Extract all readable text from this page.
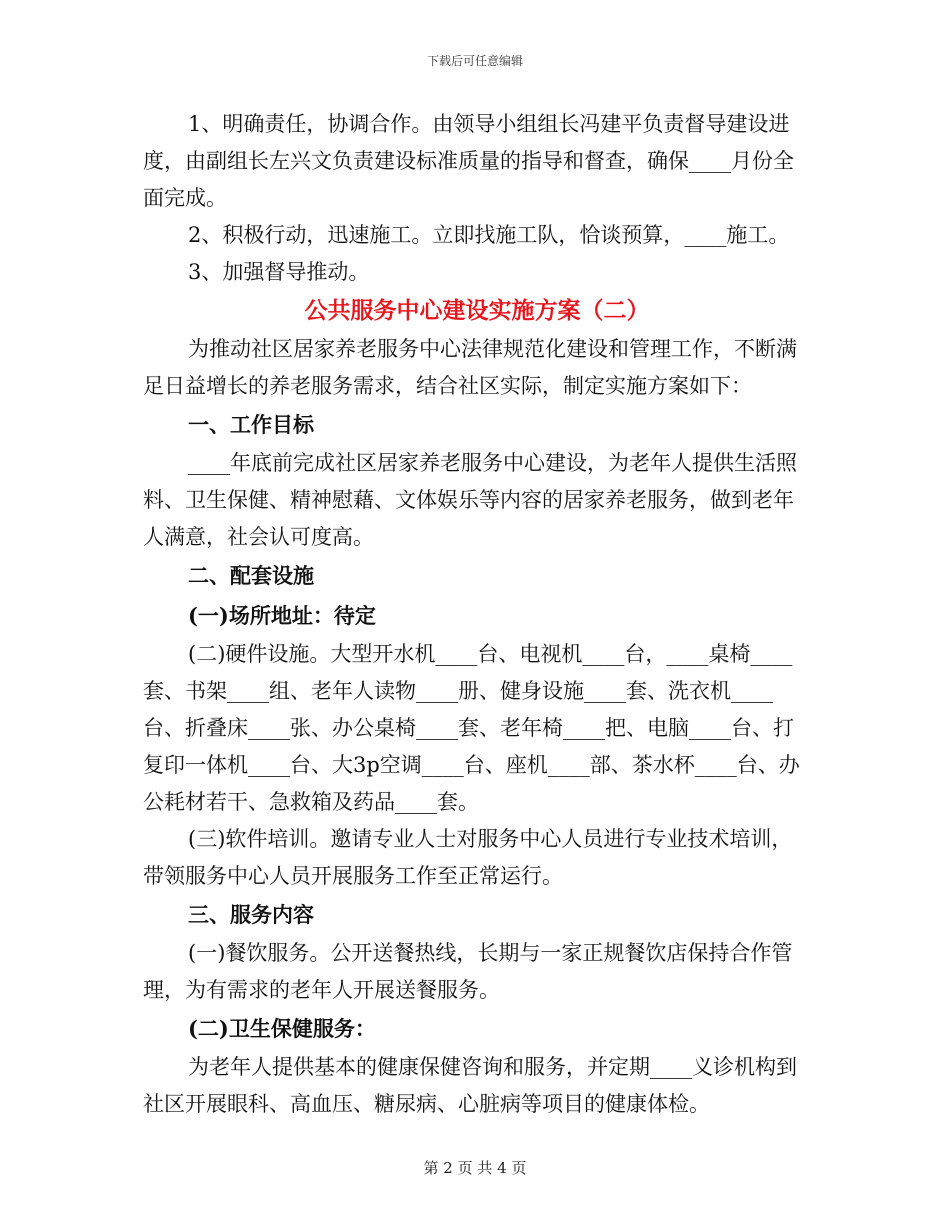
下载后可任意编辑

1、明确责任，协调合作。由领导小组组长冯建平负责督导建设进度，由副组长左兴文负责建设标准质量的指导和督查，确保____月份全面完成。

2、积极行动，迅速施工。立即找施工队，恰谈预算，____施工。

3、加强督导推动。

公共服务中心建设实施方案（二）

为推动社区居家养老服务中心法律规范化建设和管理工作，不断满足日益增长的养老服务需求，结合社区实际，制定实施方案如下：

一、工作目标

____年底前完成社区居家养老服务中心建设，为老年人提供生活照料、卫生保健、精神慰藉、文体娱乐等内容的居家养老服务，做到老年人满意，社会认可度高。

二、配套设施

(一)场所地址：待定

(二)硬件设施。大型开水机____台、电视机____台，____桌椅____套、书架____组、老年人读物____册、健身设施____套、洗衣机____台、折叠床____张、办公桌椅____套、老年椅____把、电脑____台、打复印一体机____台、大3p空调____台、座机____部、茶水杯____台、办公耗材若干、急救箱及药品____套。

(三)软件培训。邀请专业人士对服务中心人员进行专业技术培训，带领服务中心人员开展服务工作至正常运行。

三、服务内容

(一)餐饮服务。公开送餐热线，长期与一家正规餐饮店保持合作管理，为有需求的老年人开展送餐服务。

(二)卫生保健服务：

为老年人提供基本的健康保健咨询和服务，并定期____义诊机构到社区开展眼科、高血压、糖尿病、心脏病等项目的健康体检。

第 2 页 共 4 页
